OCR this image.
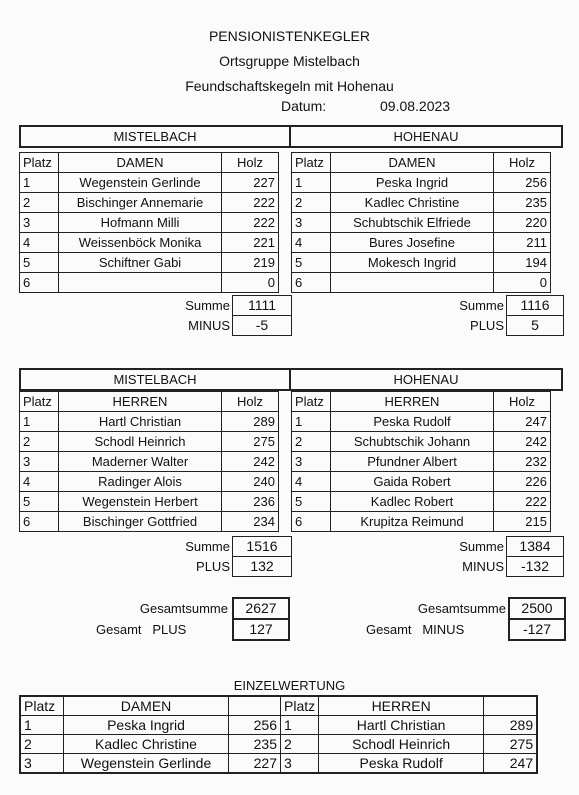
PENSIONISTENKEGLER
Ortsgruppe Mistelbach
Feundschaftskegeln mit Hohenau
Datum:	09.08.2023
MISTELBACH	HOHENAU
Platz	DAMEN	Holz
1	Wegenstein Gerlinde	227
2	Bischinger Annemarie	222
3	Hofmann Milli	222
4	Weissenböck Monika	221
5	Schiftner Gabi	219
6		0
Platz	DAMEN	Holz
1	Peska Ingrid	256
2	Kadlec Christine	235
3	Schubtschik Elfriede	220
4	Bures Josefine	211
5	Mokesch Ingrid	194
6		0
Summe	1111
MINUS	-5
Summe	1116
PLUS	5
MISTELBACH	HOHENAU
Platz	HERREN	Holz
1	Hartl Christian	289
2	Schodl Heinrich	275
3	Maderner Walter	242
4	Radinger Alois	240
5	Wegenstein Herbert	236
6	Bischinger Gottfried	234
Platz	HERREN	Holz
1	Peska Rudolf	247
2	Schubtschik Johann	242
3	Pfundner Albert	232
4	Gaida Robert	226
5	Kadlec Robert	222
6	Krupitza Reimund	215
Summe	1516
PLUS	132
Summe	1384
MINUS	-132
Gesamtsumme	2627
Gesamt   PLUS	127
Gesamtsumme	2500
Gesamt   MINUS	-127
EINZELWERTUNG
Platz	DAMEN		Platz	HERREN	
1	Peska Ingrid	256	1	Hartl Christian	289
2	Kadlec Christine	235	2	Schodl Heinrich	275
3	Wegenstein Gerlinde	227	3	Peska Rudolf	247
